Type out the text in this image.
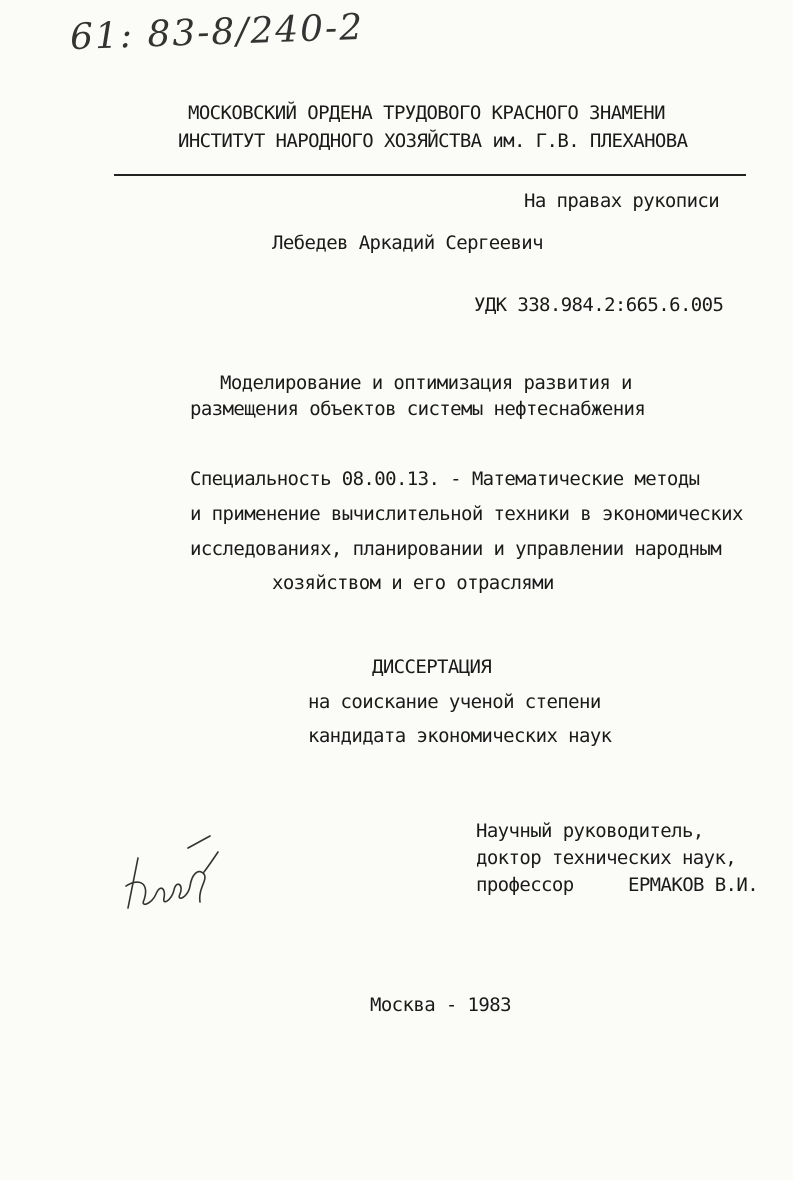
61: 83-8/240-2
МОСКОВСКИЙ ОРДЕНА ТРУДОВОГО КРАСНОГО ЗНАМЕНИ
ИНСТИТУТ НАРОДНОГО ХОЗЯЙСТВА им. Г.В. ПЛЕХАНОВА
На правах рукописи
Лебедев Аркадий Сергеевич
УДК 338.984.2:665.6.005
Моделирование и оптимизация развития и
размещения объектов системы нефтеснабжения
Специальность 08.00.13. - Математические методы
и применение вычислительной техники в экономических
исследованиях, планировании и управлении народным
хозяйством и его отраслями
ДИССЕРТАЦИЯ
на соискание ученой степени
кандидата экономических наук
Научный руководитель,
доктор технических наук,
профессор	ЕРМАКОВ В.И.
Москва - 1983
